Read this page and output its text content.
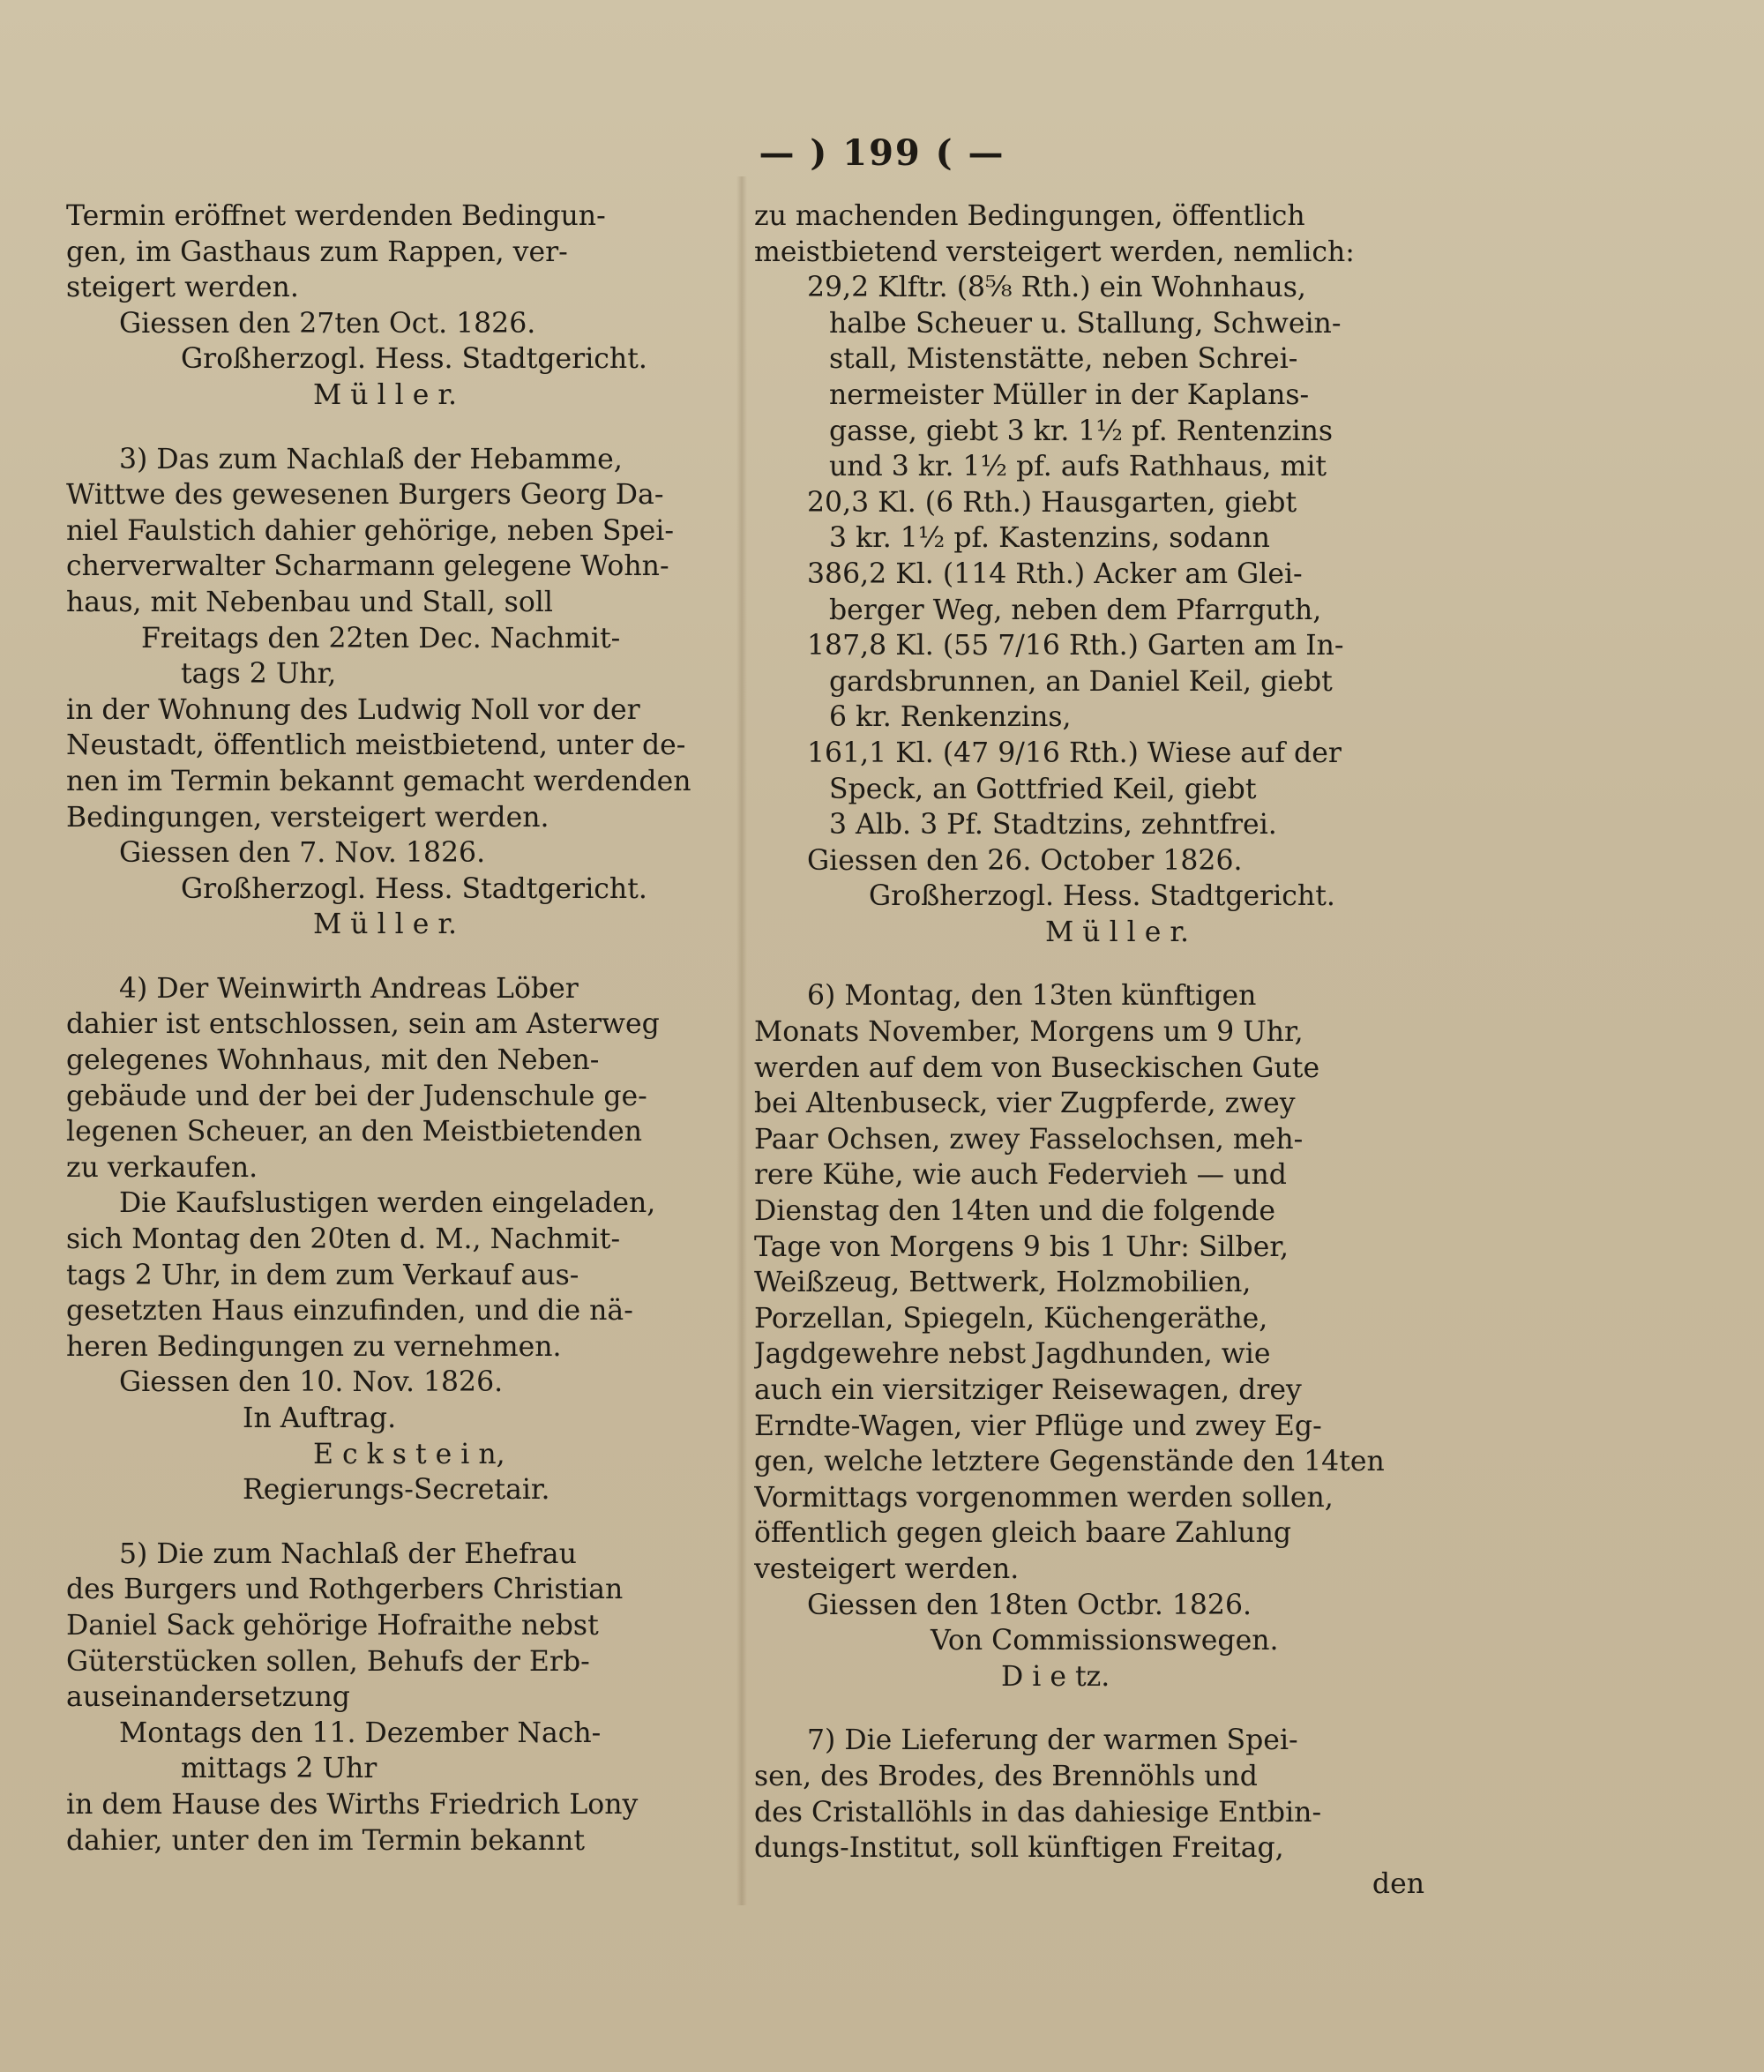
— ) 199 ( —
Termin eröffnet werdenden Bedingun-
gen, im Gasthaus zum Rappen, ver-
steigert werden.
Giessen den 27ten Oct. 1826.
Großherzogl. Hess. Stadtgericht.
M ü l l e r.
3) Das zum Nachlaß der Hebamme,
Wittwe des gewesenen Burgers Georg Da-
niel Faulstich dahier gehörige, neben Spei-
cherverwalter Scharmann gelegene Wohn-
haus, mit Nebenbau und Stall, soll
Freitags den 22ten Dec. Nachmit-
tags 2 Uhr,
in der Wohnung des Ludwig Noll vor der
Neustadt, öffentlich meistbietend, unter de-
nen im Termin bekannt gemacht werdenden
Bedingungen, versteigert werden.
Giessen den 7. Nov. 1826.
Großherzogl. Hess. Stadtgericht.
M ü l l e r.
4) Der Weinwirth Andreas Löber
dahier ist entschlossen, sein am Asterweg
gelegenes Wohnhaus, mit den Neben-
gebäude und der bei der Judenschule ge-
legenen Scheuer, an den Meistbietenden
zu verkaufen.
Die Kaufslustigen werden eingeladen,
sich Montag den 20ten d. M., Nachmit-
tags 2 Uhr, in dem zum Verkauf aus-
gesetzten Haus einzufinden, und die nä-
heren Bedingungen zu vernehmen.
Giessen den 10. Nov. 1826.
In Auftrag.
E c k s t e i n,
Regierungs-Secretair.
5) Die zum Nachlaß der Ehefrau
des Burgers und Rothgerbers Christian
Daniel Sack gehörige Hofraithe nebst
Güterstücken sollen, Behufs der Erb-
auseinandersetzung
Montags den 11. Dezember Nach-
mittags 2 Uhr
in dem Hause des Wirths Friedrich Lony
dahier, unter den im Termin bekannt
zu machenden Bedingungen, öffentlich
meistbietend versteigert werden, nemlich:
29,2 Klftr. (8⅝ Rth.) ein Wohnhaus,
halbe Scheuer u. Stallung, Schwein-
stall, Mistenstätte, neben Schrei-
nermeister Müller in der Kaplans-
gasse, giebt 3 kr. 1½ pf. Rentenzins
und 3 kr. 1½ pf. aufs Rathhaus, mit
20,3 Kl. (6 Rth.) Hausgarten, giebt
3 kr. 1½ pf. Kastenzins, sodann
386,2 Kl. (114 Rth.) Acker am Glei-
berger Weg, neben dem Pfarrguth,
187,8 Kl. (55 7/16 Rth.) Garten am In-
gardsbrunnen, an Daniel Keil, giebt
6 kr. Renkenzins,
161,1 Kl. (47 9/16 Rth.) Wiese auf der
Speck, an Gottfried Keil, giebt
3 Alb. 3 Pf. Stadtzins, zehntfrei.
Giessen den 26. October 1826.
Großherzogl. Hess. Stadtgericht.
M ü l l e r.
6) Montag, den 13ten künftigen
Monats November, Morgens um 9 Uhr,
werden auf dem von Buseckischen Gute
bei Altenbuseck, vier Zugpferde, zwey
Paar Ochsen, zwey Fasselochsen, meh-
rere Kühe, wie auch Federvieh — und
Dienstag den 14ten und die folgende
Tage von Morgens 9 bis 1 Uhr: Silber,
Weißzeug, Bettwerk, Holzmobilien,
Porzellan, Spiegeln, Küchengeräthe,
Jagdgewehre nebst Jagdhunden, wie
auch ein viersitziger Reisewagen, drey
Erndte-Wagen, vier Pflüge und zwey Eg-
gen, welche letztere Gegenstände den 14ten
Vormittags vorgenommen werden sollen,
öffentlich gegen gleich baare Zahlung
vesteigert werden.
Giessen den 18ten Octbr. 1826.
Von Commissionswegen.
D i e tz.
7) Die Lieferung der warmen Spei-
sen, des Brodes, des Brennöhls und
des Cristallöhls in das dahiesige Entbin-
dungs-Institut, soll künftigen Freitag,
den
